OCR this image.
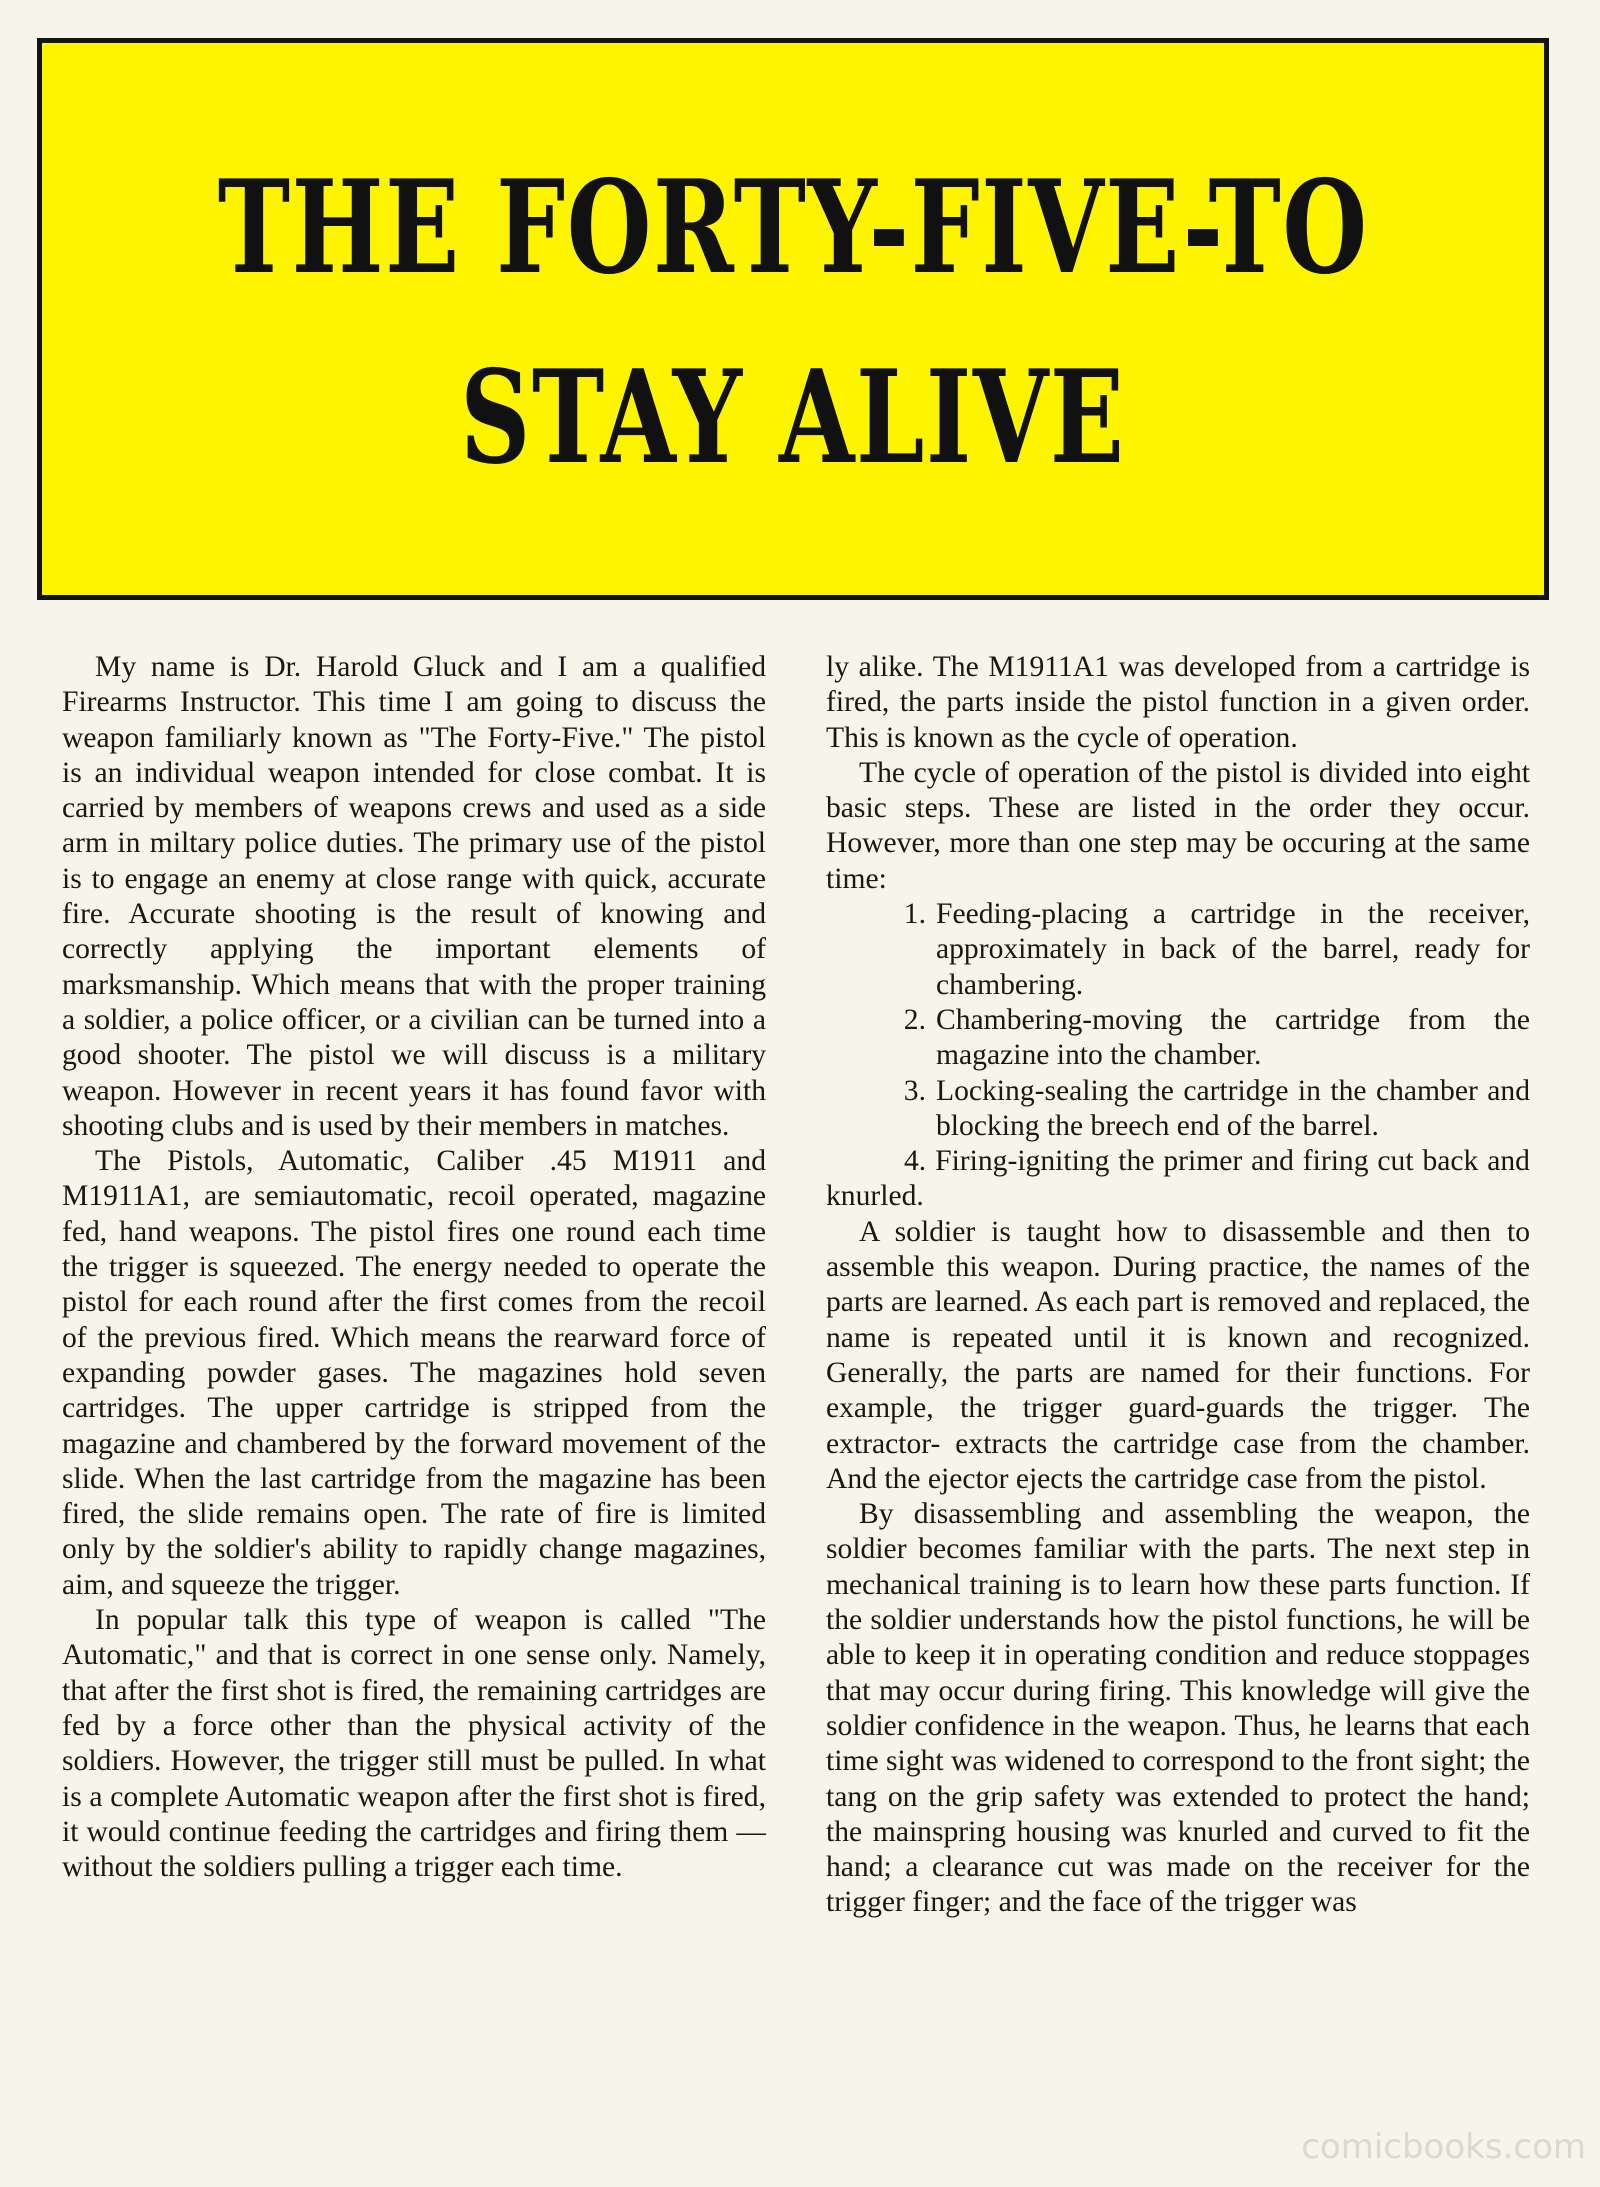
THE FORTY-FIVE-TO
STAY ALIVE

My name is Dr. Harold Gluck and I am a qualified Firearms Instructor. This time I am going to discuss the weapon familiarly known as "The Forty-Five." The pistol is an individual weapon intended for close combat. It is carried by members of weapons crews and used as a side arm in miltary police duties. The primary use of the pistol is to engage an enemy at close range with quick, accurate fire. Accurate shooting is the result of knowing and correctly applying the important elements of marksmanship. Which means that with the proper training a soldier, a police officer, or a civilian can be turned into a good shooter. The pistol we will discuss is a military weapon. However in recent years it has found favor with shooting clubs and is used by their members in matches.

The Pistols, Automatic, Caliber .45 M1911 and M1911A1, are semiautomatic, recoil operated, magazine fed, hand weapons. The pistol fires one round each time the trigger is squeezed. The energy needed to operate the pistol for each round after the first comes from the recoil of the previous fired. Which means the rearward force of expanding powder gases. The magazines hold seven cartridges. The upper cartridge is stripped from the magazine and chambered by the forward movement of the slide. When the last cartridge from the magazine has been fired, the slide remains open. The rate of fire is limited only by the soldier's ability to rapidly change magazines, aim, and squeeze the trigger.

In popular talk this type of weapon is called "The Automatic," and that is correct in one sense only. Namely, that after the first shot is fired, the remaining cartridges are fed by a force other than the physical activity of the soldiers. However, the trigger still must be pulled. In what is a complete Automatic weapon after the first shot is fired, it would continue feeding the cartridges and firing them — without the soldiers pulling a trigger each time.

ly alike. The M1911A1 was developed from a cartridge is fired, the parts inside the pistol function in a given order. This is known as the cycle of operation.

The cycle of operation of the pistol is divided into eight basic steps. These are listed in the order they occur. However, more than one step may be occuring at the same time:

1. Feeding-placing a cartridge in the receiver, approximately in back of the barrel, ready for chambering.
2. Chambering-moving the cartridge from the magazine into the chamber.
3. Locking-sealing the cartridge in the chamber and blocking the breech end of the barrel.
4. Firing-igniting the primer and firing cut back and knurled.

A soldier is taught how to disassemble and then to assemble this weapon. During practice, the names of the parts are learned. As each part is removed and replaced, the name is repeated until it is known and recognized. Generally, the parts are named for their functions. For example, the trigger guard-guards the trigger. The extractor- extracts the cartridge case from the chamber. And the ejector ejects the cartridge case from the pistol.

By disassembling and assembling the weapon, the soldier becomes familiar with the parts. The next step in mechanical training is to learn how these parts function. If the soldier understands how the pistol functions, he will be able to keep it in operating condition and reduce stoppages that may occur during firing. This knowledge will give the soldier confidence in the weapon. Thus, he learns that each time sight was widened to correspond to the front sight; the tang on the grip safety was extended to protect the hand; the mainspring housing was knurled and curved to fit the hand; a clearance cut was made on the receiver for the trigger finger; and the face of the trigger was

comicbooks.com
